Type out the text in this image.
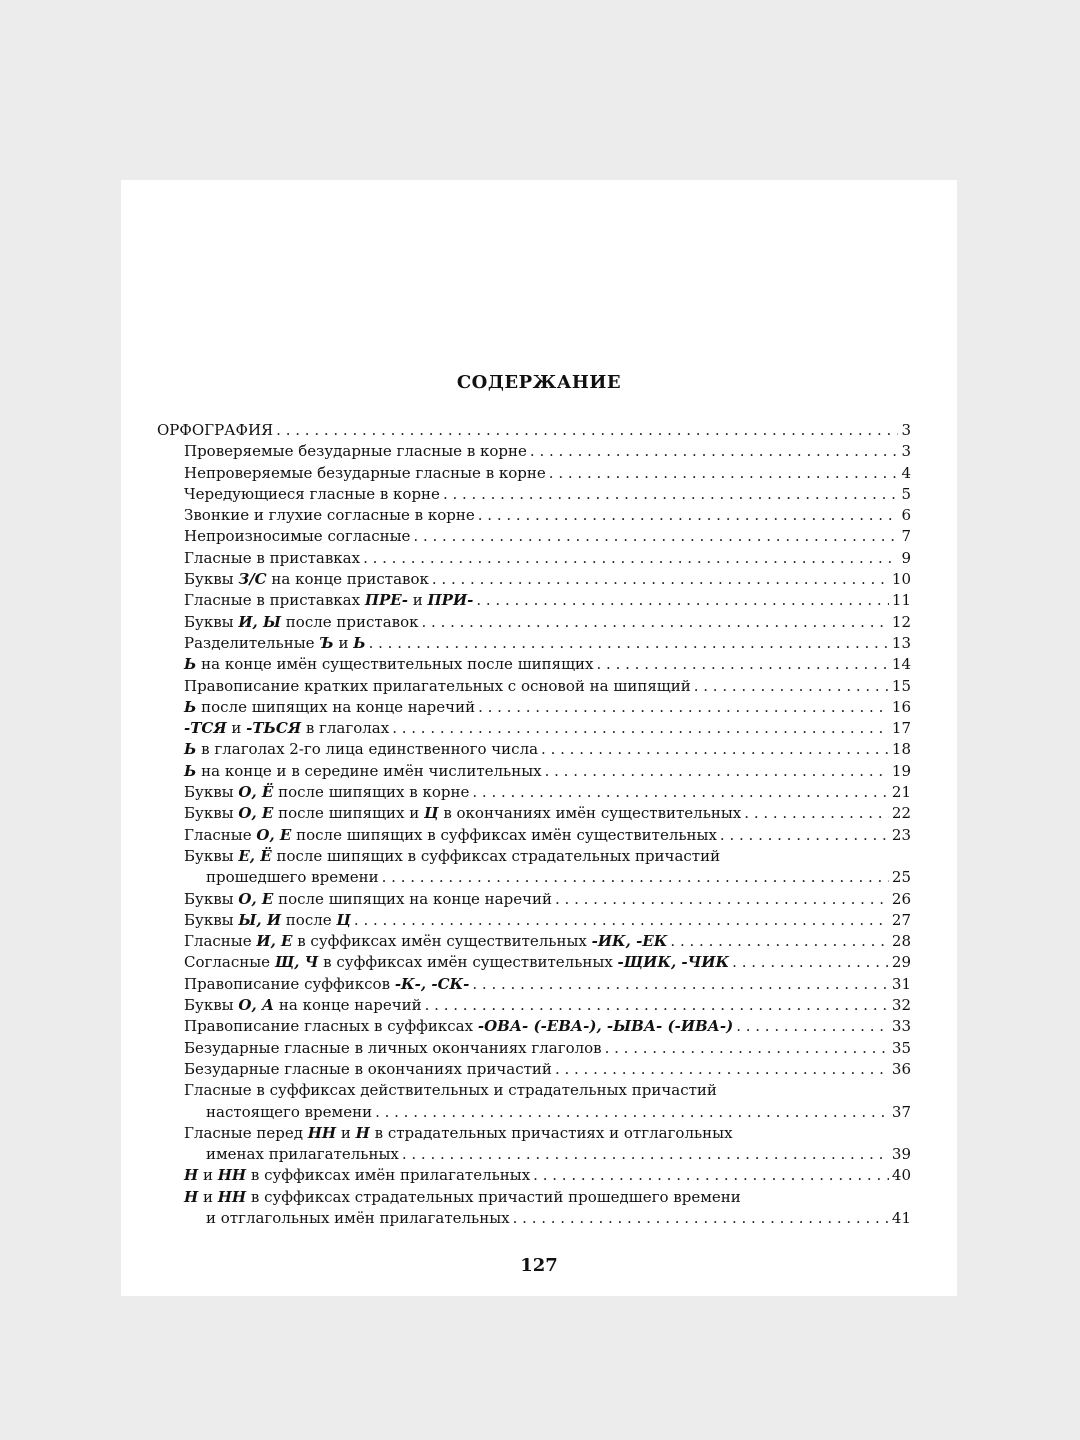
СОДЕРЖАНИЕ
ОРФОГРАФИЯ . . .	3
Проверяемые безударные гласные в корне . . .	3
Непроверяемые безударные гласные в корне . . .	4
Чередующиеся гласные в корне . . .	5
Звонкие и глухие согласные в корне . . .	6
Непроизносимые согласные . . .	7
Гласные в приставках . . .	9
Буквы З/С на конце приставок . . .	10
Гласные в приставках ПРЕ- и ПРИ- . . .	11
Буквы И, Ы после приставок . . .	12
Разделительные Ъ и Ь . . .	13
Ь на конце имён существительных после шипящих . . .	14
Правописание кратких прилагательных с основой на шипящий . . .	15
Ь после шипящих на конце наречий . . .	16
-ТСЯ и -ТЬСЯ в глаголах . . .	17
Ь в глаголах 2-го лица единственного числа . . .	18
Ь на конце и в середине имён числительных . . .	19
Буквы О, Ё после шипящих в корне . . .	21
Буквы О, Е после шипящих и Ц в окончаниях имён существительных . . .	22
Гласные О, Е после шипящих в суффиксах имён существительных . . .	23
Буквы Е, Ё после шипящих в суффиксах страдательных причастий
прошедшего времени . . .	25
Буквы О, Е после шипящих на конце наречий . . .	26
Буквы Ы, И после Ц . . .	27
Гласные И, Е в суффиксах имён существительных -ИК, -ЕК . . .	28
Согласные Щ, Ч в суффиксах имён существительных -ЩИК, -ЧИК . . .	29
Правописание суффиксов -К-, -СК- . . .	31
Буквы О, А на конце наречий . . .	32
Правописание гласных в суффиксах -ОВА- (-ЕВА-), -ЫВА- (-ИВА-) . . .	33
Безударные гласные в личных окончаниях глаголов . . .	35
Безударные гласные в окончаниях причастий . . .	36
Гласные в суффиксах действительных и страдательных причастий
настоящего времени . . .	37
Гласные перед НН и Н в страдательных причастиях и отглагольных
именах прилагательных . . .	39
Н и НН в суффиксах имён прилагательных . . .	40
Н и НН в суффиксах страдательных причастий прошедшего времени
и отглагольных имён прилагательных . . .	41
127
